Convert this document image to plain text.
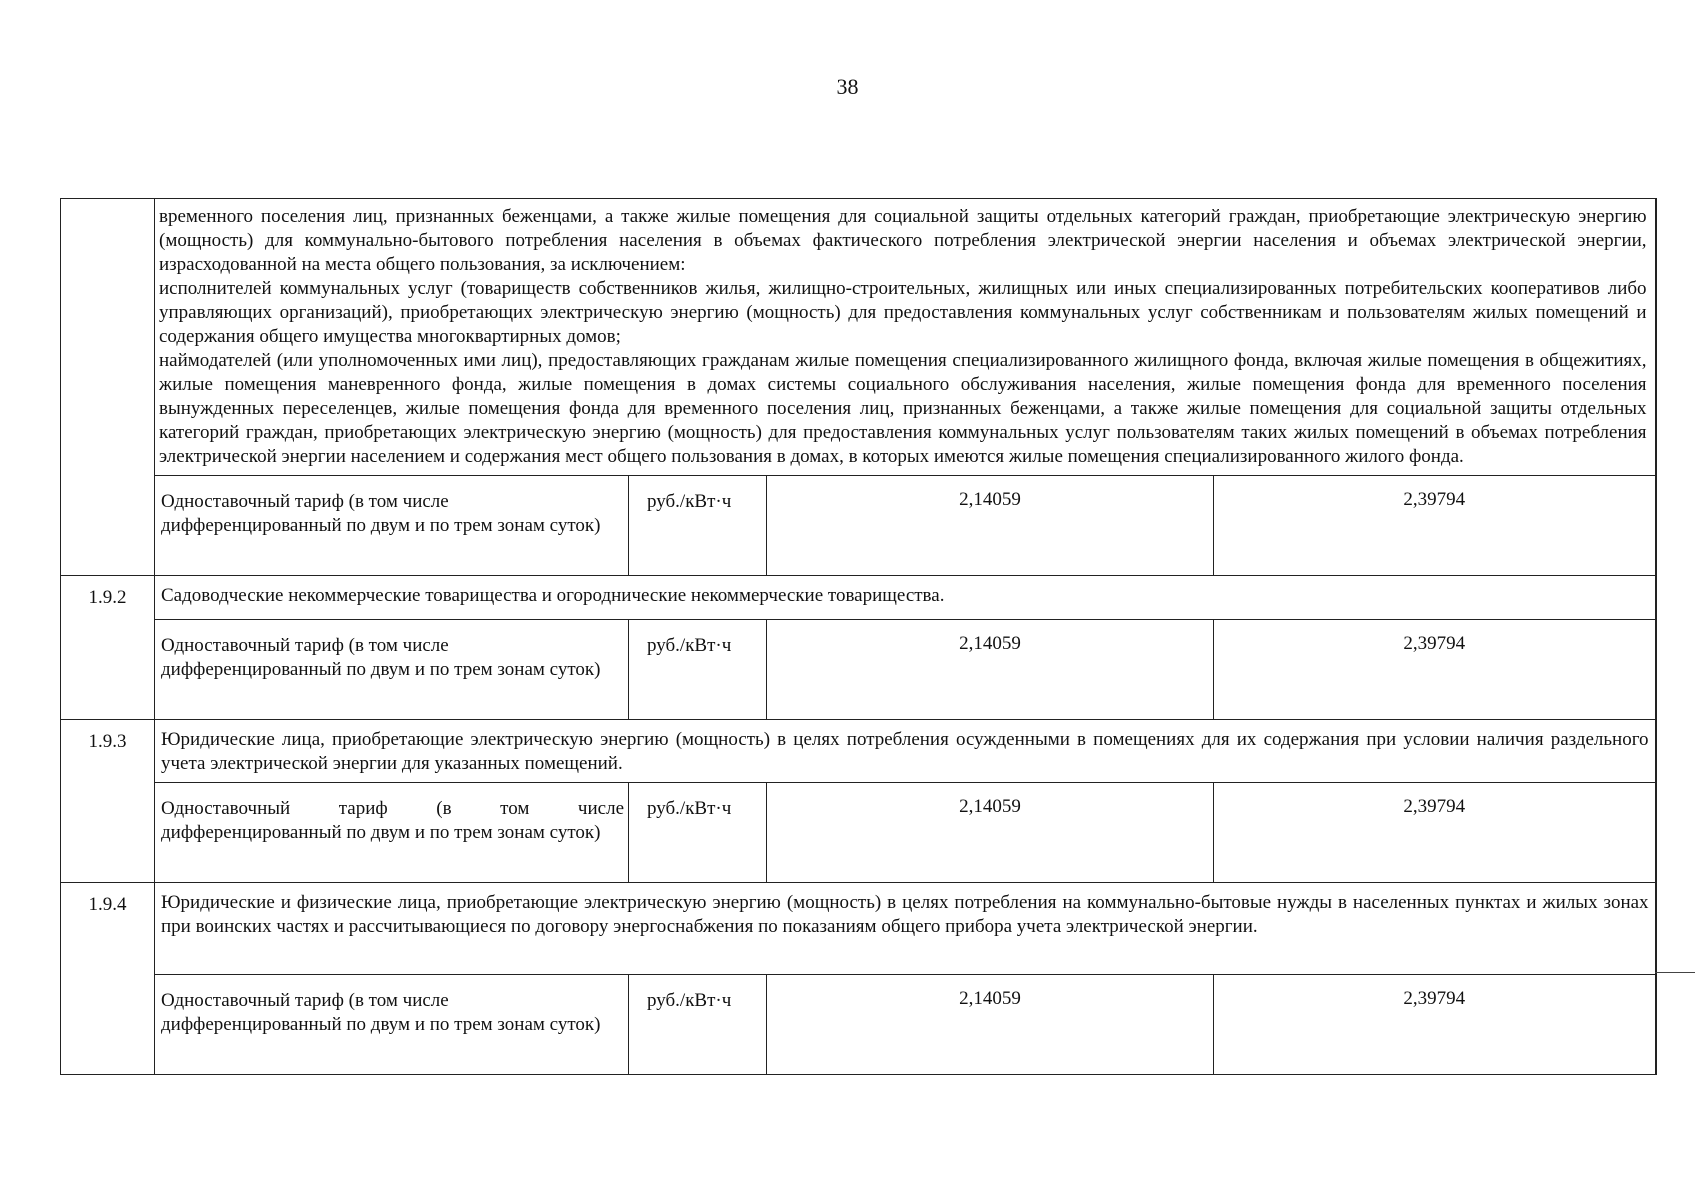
38

	временного поселения лиц, признанных беженцами, а также жилые помещения для социальной защиты отдельных категорий граждан, приобретающие электрическую энергию (мощность) для коммунально-бытового потребления населения в объемах фактического потребления электрической энергии населения и объемах электрической энергии, израсходованной на места общего пользования, за исключением:

исполнителей коммунальных услуг (товариществ собственников жилья, жилищно-строительных, жилищных или иных специализированных потребительских кооперативов либо управляющих организаций), приобретающих электрическую энергию (мощность) для предоставления коммунальных услуг собственникам и пользователям жилых помещений и содержания общего имущества многоквартирных домов;

наймодателей (или уполномоченных ими лиц), предоставляющих гражданам жилые помещения специализированного жилищного фонда, включая жилые помещения в общежитиях, жилые помещения маневренного фонда, жилые помещения в домах системы социального обслуживания населения, жилые помещения фонда для временного поселения вынужденных переселенцев, жилые помещения фонда для временного поселения лиц, признанных беженцами, а также жилые помещения для социальной защиты отдельных категорий граждан, приобретающих электрическую энергию (мощность) для предоставления коммунальных услуг пользователям таких жилых помещений в объемах потребления электрической энергии населением и содержания мест общего пользования в домах, в которых имеются жилые помещения специализированного жилого фонда.			

	Одноставочный тариф (в том числе дифференцированный по двум и по трем зонам суток)	руб./кВт·ч	2,14059	2,39794
1.9.2	Садоводческие некоммерческие товарищества и огороднические некоммерческие товарищества.			
	Одноставочный тариф (в том числе дифференцированный по двум и по трем зонам суток)	руб./кВт·ч	2,14059	2,39794
1.9.3	Юридические лица, приобретающие электрическую энергию (мощность) в целях потребления осужденными в помещениях для их содержания при условии наличия раздельного учета электрической энергии для указанных помещений.			
	Одноставочный тариф (в том числе дифференцированный по двум и по трем зонам суток)	руб./кВт·ч	2,14059	2,39794
1.9.4	Юридические и физические лица, приобретающие электрическую энергию (мощность) в целях потребления на коммунально-бытовые нужды в населенных пунктах и жилых зонах при воинских частях и рассчитывающиеся по договору энергоснабжения по показаниям общего прибора учета электрической энергии.			
	Одноставочный тариф (в том числе дифференцированный по двум и по трем зонам суток)	руб./кВт·ч	2,14059	2,39794
